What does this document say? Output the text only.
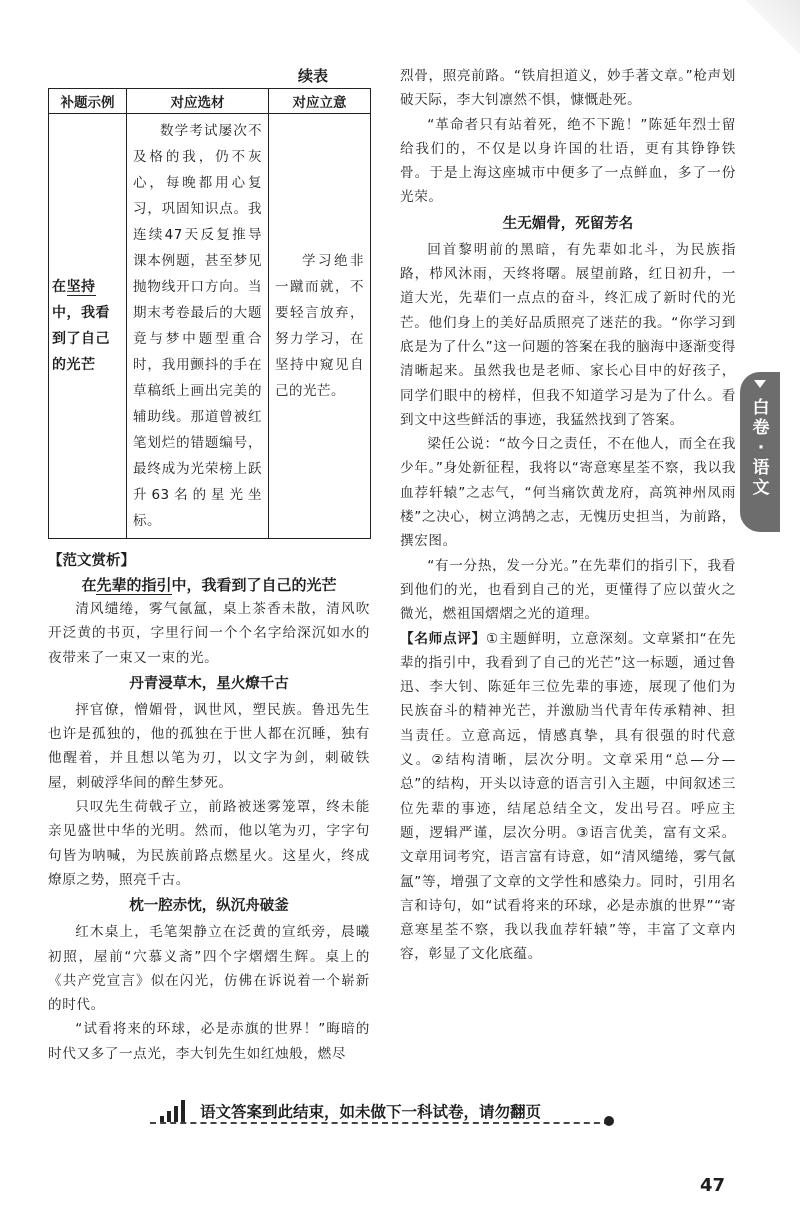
续表
补题示例	对应选材	对应立意
在坚持中，我看到了自己的光芒	数学考试屡次不及格的我，仍不灰心，每晚都用心复习，巩固知识点。我连续47天反复推导课本例题，甚至梦见抛物线开口方向。当期末考卷最后的大题竟与梦中题型重合时，我用颤抖的手在草稿纸上画出完美的辅助线。那道曾被红笔划烂的错题编号，最终成为光荣榜上跃升63名的星光坐标。	学习绝非一蹴而就，不要轻言放弃，努力学习，在坚持中窥见自己的光芒。
【范文赏析】
在先辈的指引中，我看到了自己的光芒

清风缱绻，雾气氤氲，桌上茶香未散，清风吹开泛黄的书页，字里行间一个个名字给深沉如水的夜带来了一束又一束的光。

丹青浸草木，星火燎千古

抨官僚，憎媚骨，讽世风，塑民族。鲁迅先生也许是孤独的，他的孤独在于世人都在沉睡，独有他醒着，并且想以笔为刃，以文字为剑，刺破铁屋，刺破浮华间的醉生梦死。

只叹先生荷戟孑立，前路被迷雾笼罩，终未能亲见盛世中华的光明。然而，他以笔为刃，字字句句皆为呐喊，为民族前路点燃星火。这星火，终成燎原之势，照亮千古。

枕一腔赤忱，纵沉舟破釜

红木桌上，毛笔架静立在泛黄的宣纸旁，晨曦初照，屋前“穴慕义斋”四个字熠熠生辉。桌上的《共产党宣言》似在闪光，仿佛在诉说着一个崭新的时代。

“试看将来的环球，必是赤旗的世界！”晦暗的时代又多了一点光，李大钊先生如红烛般，燃尽

烈骨，照亮前路。“铁肩担道义，妙手著文章。”枪声划破天际，李大钊凛然不惧，慷慨赴死。

“革命者只有站着死，绝不下跪！”陈延年烈士留给我们的，不仅是以身许国的壮语，更有其铮铮铁骨。于是上海这座城市中便多了一点鲜血，多了一份光荣。

生无媚骨，死留芳名

回首黎明前的黑暗，有先辈如北斗，为民族指路，栉风沐雨，天终将曙。展望前路，红日初升，一道大光，先辈们一点点的奋斗，终汇成了新时代的光芒。他们身上的美好品质照亮了迷茫的我。“你学习到底是为了什么”这一问题的答案在我的脑海中逐渐变得清晰起来。虽然我也是老师、家长心目中的好孩子，同学们眼中的榜样，但我不知道学习是为了什么。看到文中这些鲜活的事迹，我猛然找到了答案。

梁任公说：“故今日之责任，不在他人，而全在我少年。”身处新征程，我将以“寄意寒星荃不察，我以我血荐轩辕”之志气，“何当痛饮黄龙府，高筑神州凤雨楼”之决心，树立鸿鹄之志，无愧历史担当，为前路，撰宏图。

“有一分热，发一分光。”在先辈们的指引下，我看到他们的光，也看到自己的光，更懂得了应以萤火之微光，燃祖国熠熠之光的道理。

【名师点评】①主题鲜明，立意深刻。文章紧扣“在先辈的指引中，我看到了自己的光芒”这一标题，通过鲁迅、李大钊、陈延年三位先辈的事迹，展现了他们为民族奋斗的精神光芒，并激励当代青年传承精神、担当责任。立意高远，情感真挚，具有很强的时代意义。②结构清晰，层次分明。文章采用“总—分—总”的结构，开头以诗意的语言引入主题，中间叙述三位先辈的事迹，结尾总结全文，发出号召。呼应主题，逻辑严谨，层次分明。③语言优美，富有文采。文章用词考究，语言富有诗意，如“清风缱绻，雾气氤氲”等，增强了文章的文学性和感染力。同时，引用名言和诗句，如“试看将来的环球，必是赤旗的世界”“寄意寒星荃不察，我以我血荐轩辕”等，丰富了文章内容，彰显了文化底蕴。

白卷·语文
语文答案到此结束，如未做下一科试卷，请勿翻页
47
